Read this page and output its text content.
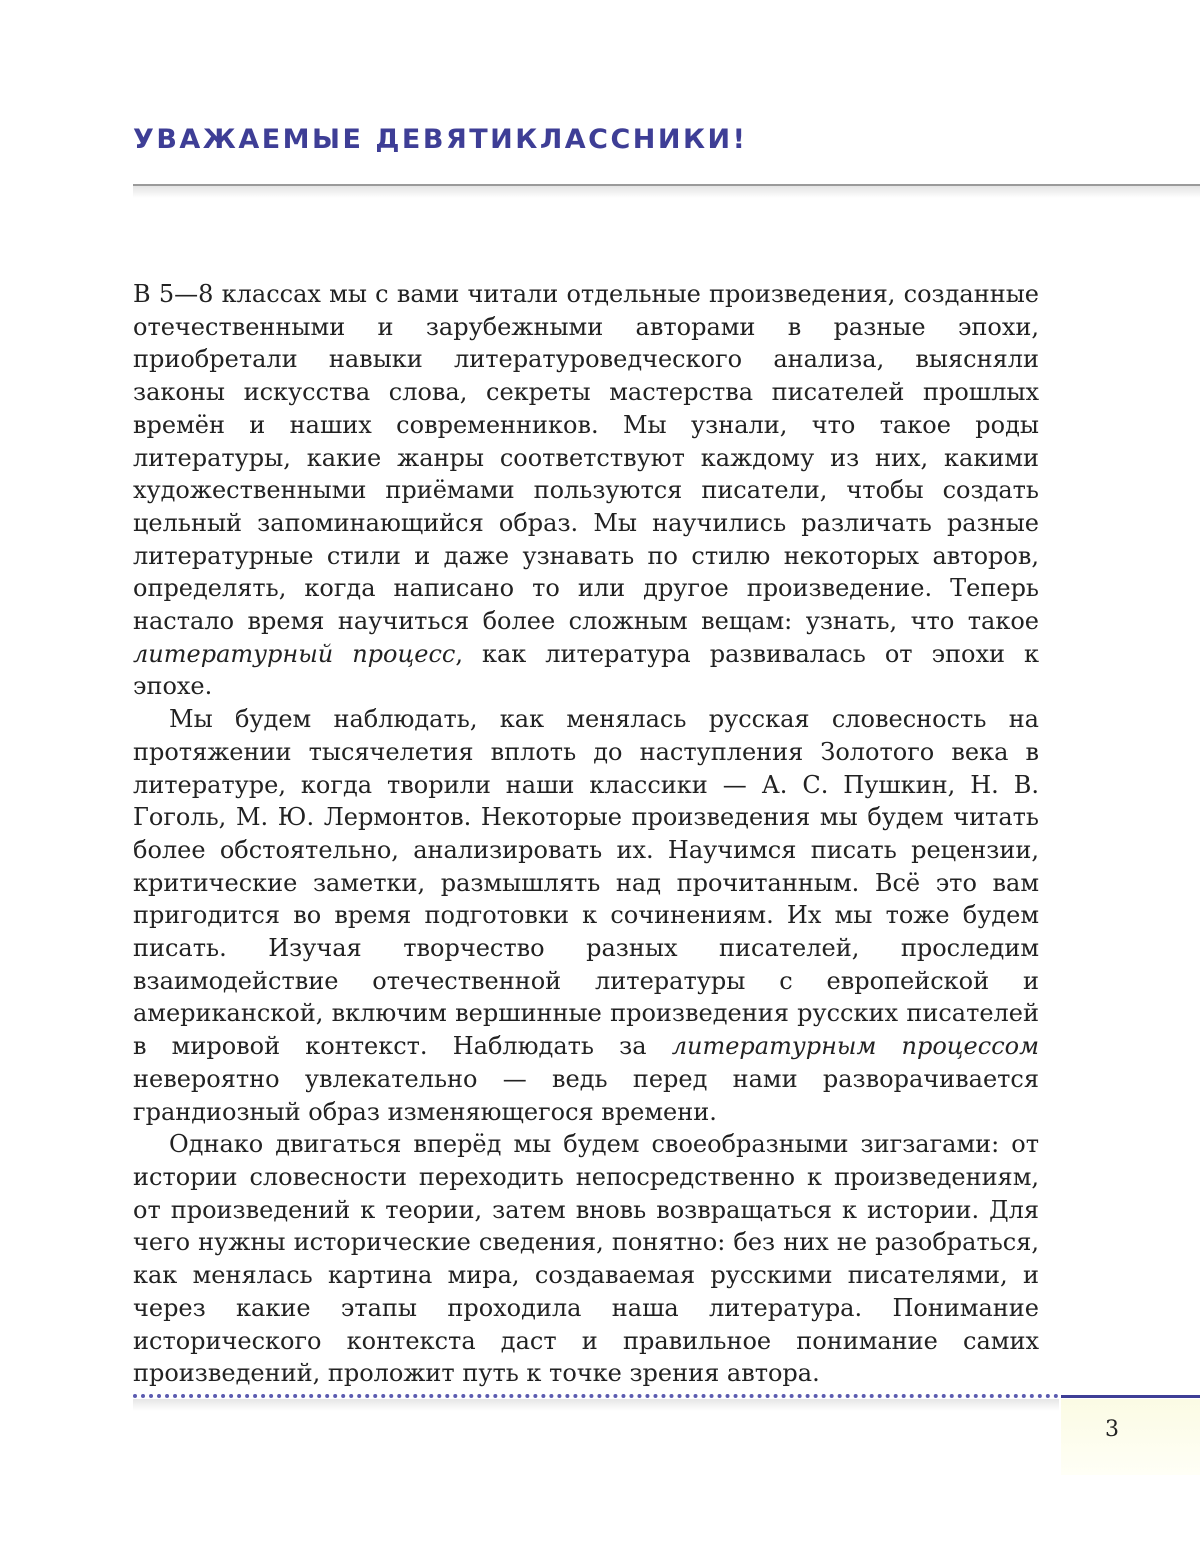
УВАЖАЕМЫЕ ДЕВЯТИКЛАССНИКИ!

В 5—8 классах мы с вами читали отдельные произведения, созданные отечественными и зарубежными авторами в разные эпохи, приобретали навыки литературоведческого анализа, выясняли законы искусства слова, секреты мастерства писателей прошлых времён и наших современников. Мы узнали, что такое роды литературы, какие жанры соответствуют каждому из них, какими художественными приёмами пользуются писатели, чтобы создать цельный запоминающийся образ. Мы научились различать разные литературные стили и даже узнавать по стилю некоторых авторов, определять, когда написано то или другое произведение. Теперь настало время научиться более сложным вещам: узнать, что такое литературный процесс, как литература развивалась от эпохи к эпохе.

Мы будем наблюдать, как менялась русская словесность на протяжении тысячелетия вплоть до наступления Золотого века в литературе, когда творили наши классики — А. С. Пушкин, Н. В. Гоголь, М. Ю. Лермонтов. Некоторые произведения мы будем читать более обстоятельно, анализировать их. Научимся писать рецензии, критические заметки, размышлять над прочитанным. Всё это вам пригодится во время подготовки к сочинениям. Их мы тоже будем писать. Изучая творчество разных писателей, проследим взаимодействие отечественной литературы с европейской и американской, включим вершинные произведения русских писателей в мировой контекст. Наблюдать за литературным процессом невероятно увлекательно — ведь перед нами разворачивается грандиозный образ изменяющегося времени.

Однако двигаться вперёд мы будем своеобразными зигзагами: от истории словесности переходить непосредственно к произведениям, от произведений к теории, затем вновь возвращаться к истории. Для чего нужны исторические сведения, понятно: без них не разобраться, как менялась картина мира, создаваемая русскими писателями, и через какие этапы проходила наша литература. Понимание исторического контекста даст и правильное понимание самих произведений, проложит путь к точке зрения автора.

3
